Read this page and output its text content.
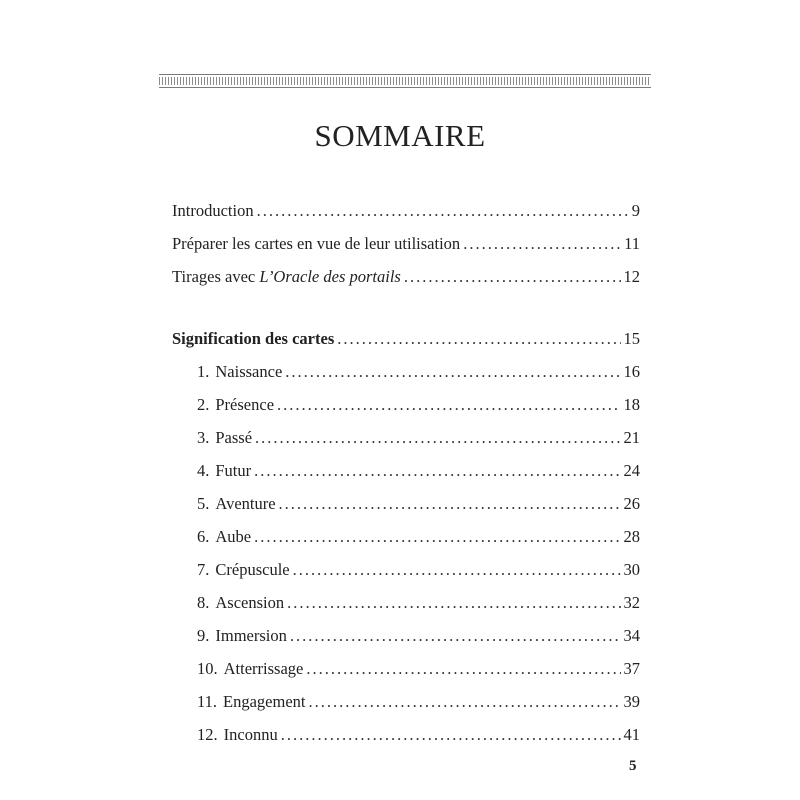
SOMMAIRE
Introduction .....	9
Préparer les cartes en vue de leur utilisation .....	11
Tirages avec L’Oracle des portails .....	12
Signification des cartes .....	15
1. Naissance .....	16
2. Présence .....	18
3. Passé .....	21
4. Futur .....	24
5. Aventure .....	26
6. Aube .....	28
7. Crépuscule .....	30
8. Ascension .....	32
9. Immersion .....	34
10. Atterrissage .....	37
11. Engagement .....	39
12. Inconnu .....	41
5
